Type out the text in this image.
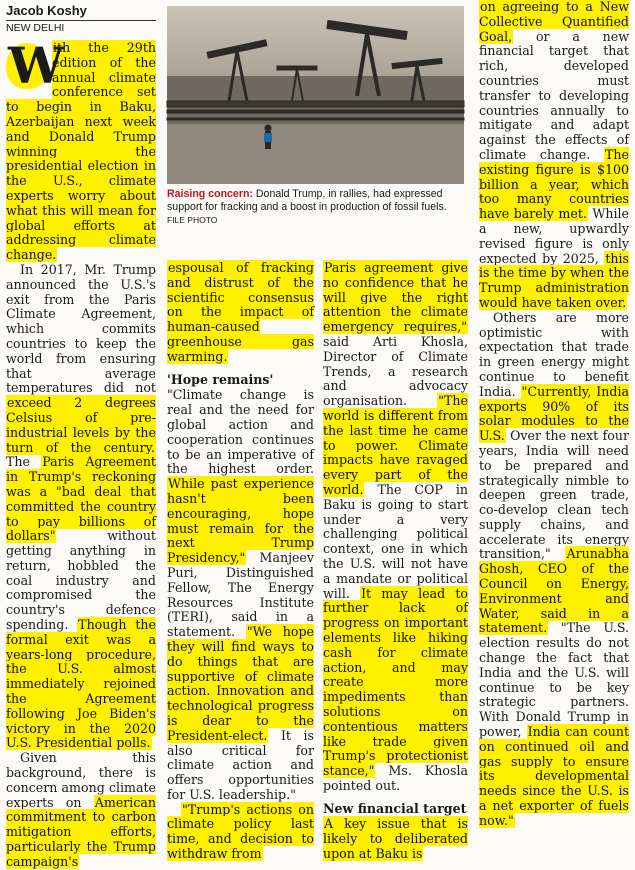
Jacob Koshy
NEW DELHI

W
ith the 29th edition of the annual climate conference set to begin in Baku, Azerbaijan next week and Donald Trump winning the presidential election in the U.S., climate experts worry about what this will mean for global efforts at addressing climate change.

In 2017, Mr. Trump announced the U.S.'s exit from the Paris Climate Agreement, which commits countries to keep the world from ensuring that average temperatures did not exceed 2 degrees Celsius of pre-industrial levels by the turn of the century. The Paris Agreement in Trump's reckoning was a "bad deal that committed the country to pay billions of dollars" without getting anything in return, hobbled the coal industry and compromised the country's defence spending. Though the formal exit was a years-long procedure, the U.S. almost immediately rejoined the Agreement following Joe Biden's victory in the 2020 U.S. Presidential polls.

Given this background, there is concern among climate experts on American commitment to carbon mitigation efforts, particularly the Trump campaign's

Raising concern: Donald Trump, in rallies, had expressed support for fracking and a boost in production of fossil fuels. FILE PHOTO

espousal of fracking and distrust of the scientific consensus on the impact of human-caused greenhouse gas warming.

'Hope remains'

"Climate change is real and the need for global action and cooperation continues to be an imperative of the highest order. While past experience hasn't been encouraging, hope must remain for the next Trump Presidency," Manjeev Puri, Distinguished Fellow, The Energy Resources Institute (TERI), said in a statement. "We hope they will find ways to do things that are supportive of climate action. Innovation and technological progress is dear to the President-elect. It is also critical for climate action and offers opportunities for U.S. leadership."

"Trump's actions on climate policy last time, and decision to withdraw from

Paris agreement give no confidence that he will give the right attention the climate emergency requires," said Arti Khosla, Director of Climate Trends, a research and advocacy organisation. "The world is different from the last time he came to power. Climate impacts have ravaged every part of the world. The COP in Baku is going to start under a very challenging political context, one in which the U.S. will not have a mandate or political will. It may lead to further lack of progress on important elements like hiking cash for climate action, and may create more impediments than solutions on contentious matters like trade given Trump's protectionist stance," Ms. Khosla pointed out.

New financial target

A key issue that is likely to deliberated upon at Baku is

on agreeing to a New Collective Quantified Goal, or a new financial target that rich, developed countries must transfer to developing countries annually to mitigate and adapt against the effects of climate change. The existing figure is $100 billion a year, which too many countries have barely met. While a new, upwardly revised figure is only expected by 2025, this is the time by when the Trump administration would have taken over.

Others are more optimistic with expectation that trade in green energy might continue to benefit India. "Currently, India exports 90% of its solar modules to the U.S. Over the next four years, India will need to be prepared and strategically nimble to deepen green trade, co-develop clean tech supply chains, and accelerate its energy transition," Arunabha Ghosh, CEO of the Council on Energy, Environment and Water, said in a statement. "The U.S. election results do not change the fact that India and the U.S. will continue to be key strategic partners. With Donald Trump in power, India can count on continued oil and gas supply to ensure its developmental needs since the U.S. is a net exporter of fuels now."
